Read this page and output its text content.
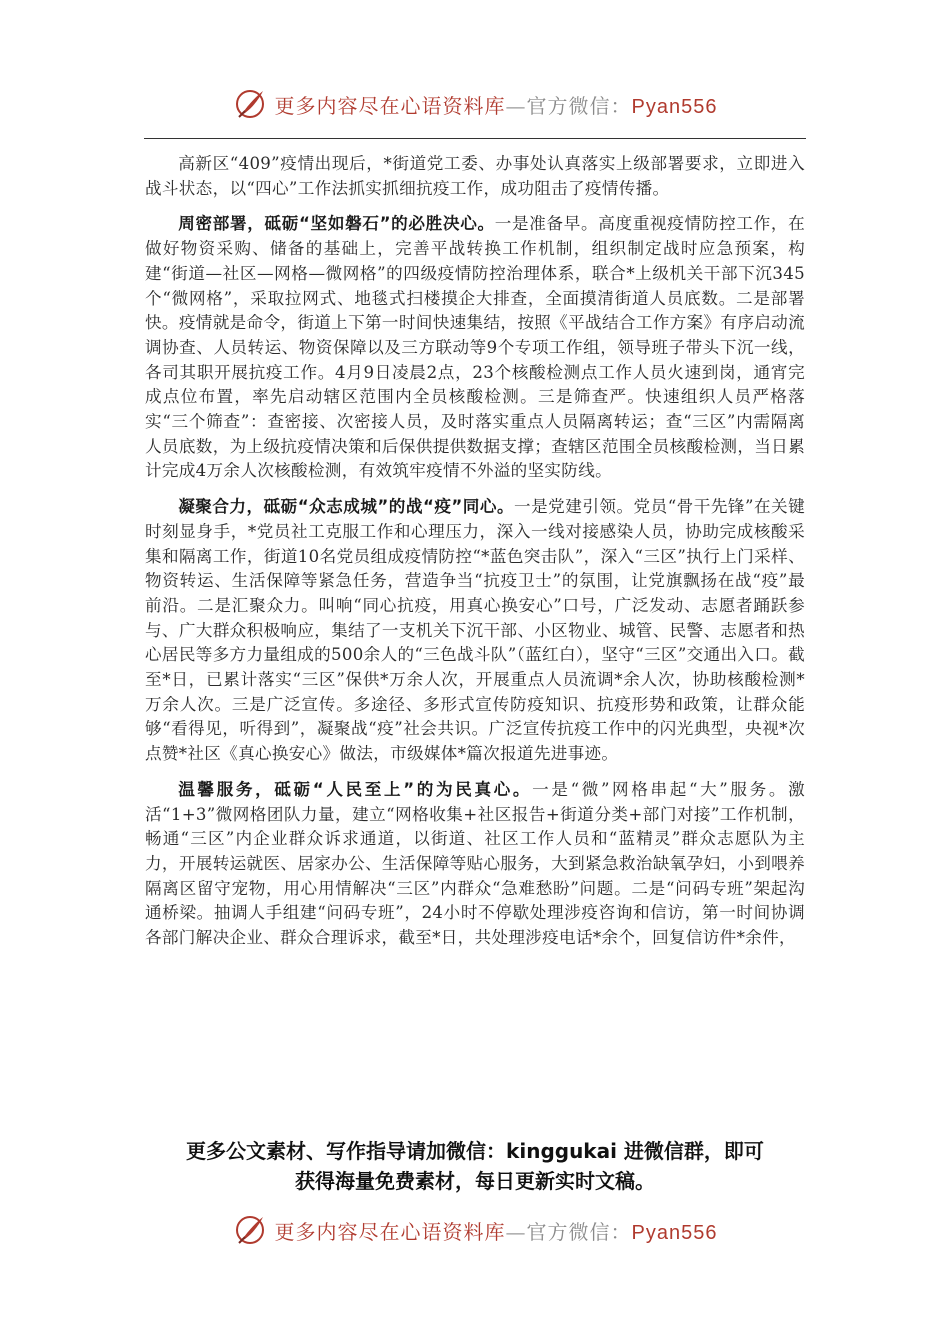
更多内容尽在心语资料库—官方微信：Pyan556

高新区“409”疫情出现后，*街道党工委、办事处认真落实上级部署要求，立即进入战斗状态，以“四心”工作法抓实抓细抗疫工作，成功阻击了疫情传播。

周密部署，砥砺“坚如磐石”的必胜决心。一是准备早。高度重视疫情防控工作，在做好物资采购、储备的基础上，完善平战转换工作机制，组织制定战时应急预案，构建“街道—社区—网格—微网格”的四级疫情防控治理体系，联合*上级机关干部下沉345个“微网格”，采取拉网式、地毯式扫楼摸企大排查，全面摸清街道人员底数。二是部署快。疫情就是命令，街道上下第一时间快速集结，按照《平战结合工作方案》有序启动流调协查、人员转运、物资保障以及三方联动等9个专项工作组，领导班子带头下沉一线，各司其职开展抗疫工作。4月9日凌晨2点，23个核酸检测点工作人员火速到岗，通宵完成点位布置，率先启动辖区范围内全员核酸检测。三是筛查严。快速组织人员严格落实“三个筛查”：查密接、次密接人员，及时落实重点人员隔离转运；查“三区”内需隔离人员底数，为上级抗疫情决策和后保供提供数据支撑；查辖区范围全员核酸检测，当日累计完成4万余人次核酸检测，有效筑牢疫情不外溢的坚实防线。

凝聚合力，砥砺“众志成城”的战“疫”同心。一是党建引领。党员“骨干先锋”在关键时刻显身手，*党员社工克服工作和心理压力，深入一线对接感染人员，协助完成核酸采集和隔离工作，街道10名党员组成疫情防控“*蓝色突击队”，深入“三区”执行上门采样、物资转运、生活保障等紧急任务，营造争当“抗疫卫士”的氛围，让党旗飘扬在战“疫”最前沿。二是汇聚众力。叫响“同心抗疫，用真心换安心”口号，广泛发动、志愿者踊跃参与、广大群众积极响应，集结了一支机关下沉干部、小区物业、城管、民警、志愿者和热心居民等多方力量组成的500余人的“三色战斗队”（蓝红白），坚守“三区”交通出入口。截至*日，已累计落实“三区”保供*万余人次，开展重点人员流调*余人次，协助核酸检测*万余人次。三是广泛宣传。多途径、多形式宣传防疫知识、抗疫形势和政策，让群众能够“看得见，听得到”，凝聚战“疫”社会共识。广泛宣传抗疫工作中的闪光典型，央视*次点赞*社区《真心换安心》做法，市级媒体*篇次报道先进事迹。

温馨服务，砥砺“人民至上”的为民真心。一是“微”网格串起“大”服务。激活“1+3”微网格团队力量，建立“网格收集+社区报告+街道分类+部门对接”工作机制，畅通“三区”内企业群众诉求通道，以街道、社区工作人员和“蓝精灵”群众志愿队为主力，开展转运就医、居家办公、生活保障等贴心服务，大到紧急救治缺氧孕妇，小到喂养隔离区留守宠物，用心用情解决“三区”内群众“急难愁盼”问题。二是“问码专班”架起沟通桥梁。抽调人手组建“问码专班”，24小时不停歇处理涉疫咨询和信访，第一时间协调各部门解决企业、群众合理诉求，截至*日，共处理涉疫电话*余个，回复信访件*余件，

更多公文素材、写作指导请加微信：kinggukai 进微信群，即可
获得海量免费素材，每日更新实时文稿。
更多内容尽在心语资料库—官方微信：Pyan556
